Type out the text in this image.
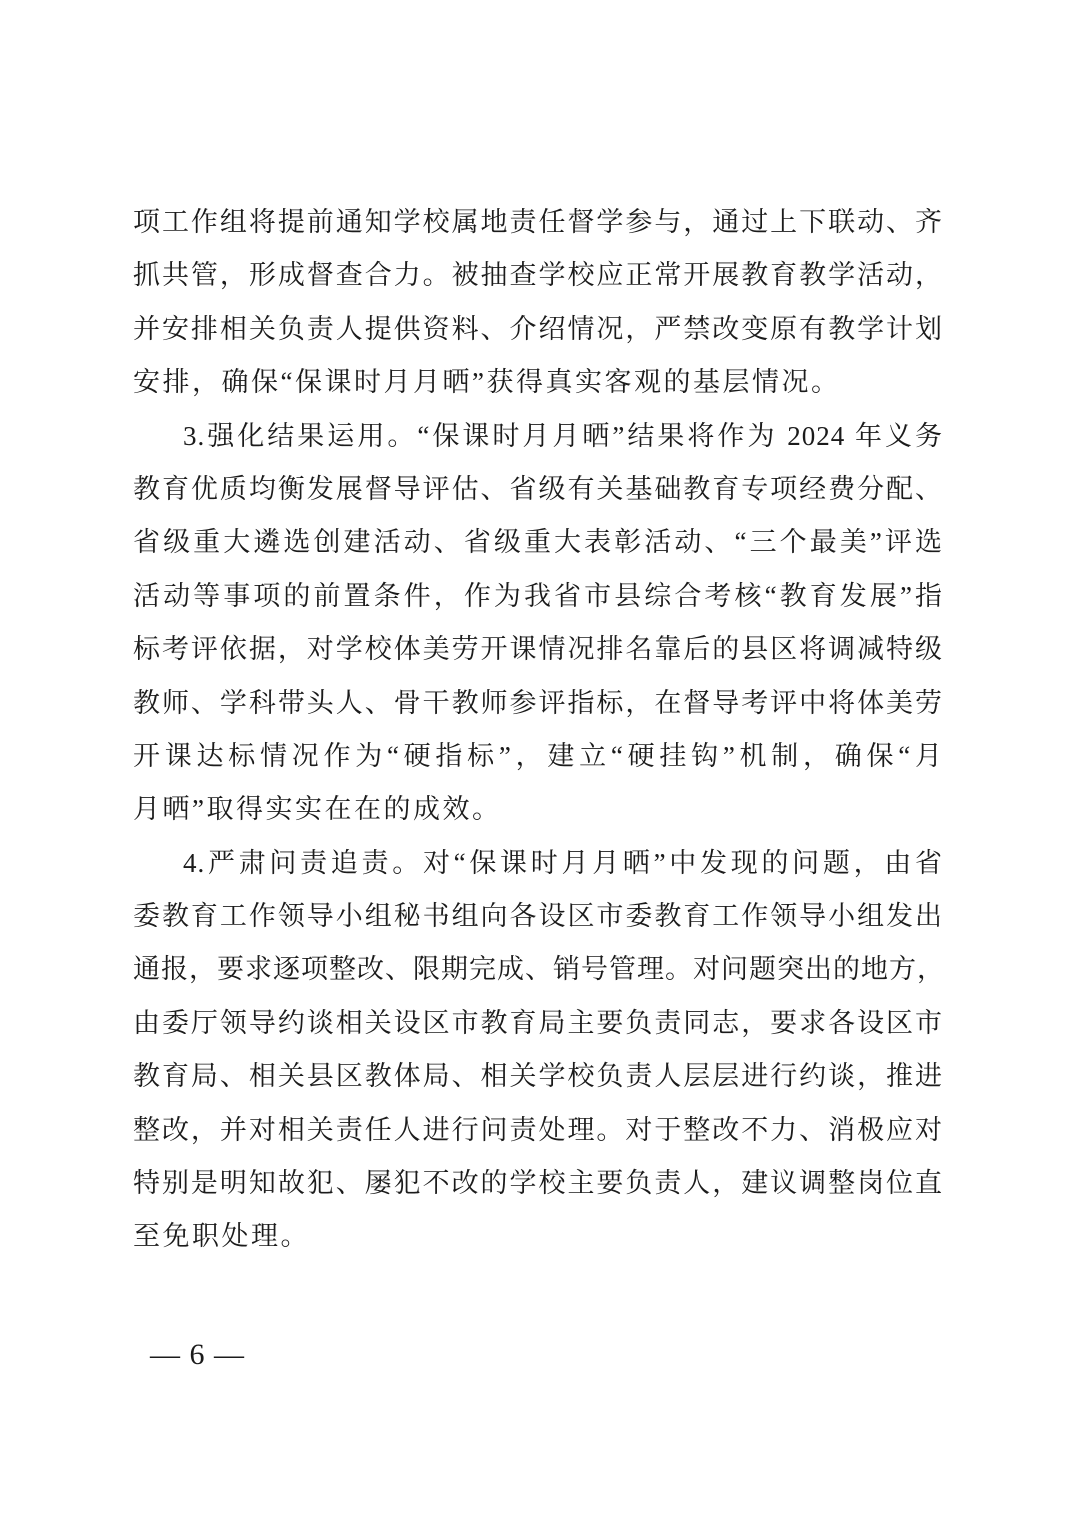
项工作组将提前通知学校属地责任督学参与，通过上下联动、齐
抓共管，形成督查合力。被抽查学校应正常开展教育教学活动，
并安排相关负责人提供资料、介绍情况，严禁改变原有教学计划
安排，确保“保课时月月晒”获得真实客观的基层情况。
3.强化结果运用。“保课时月月晒”结果将作为 2024 年义务
教育优质均衡发展督导评估、省级有关基础教育专项经费分配、
省级重大遴选创建活动、省级重大表彰活动、“三个最美”评选
活动等事项的前置条件，作为我省市县综合考核“教育发展”指
标考评依据，对学校体美劳开课情况排名靠后的县区将调减特级
教师、学科带头人、骨干教师参评指标，在督导考评中将体美劳
开课达标情况作为“硬指标”，建立“硬挂钩”机制，确保“月
月晒”取得实实在在的成效。
4.严肃问责追责。对“保课时月月晒”中发现的问题，由省
委教育工作领导小组秘书组向各设区市委教育工作领导小组发出
通报，要求逐项整改、限期完成、销号管理。对问题突出的地方，
由委厅领导约谈相关设区市教育局主要负责同志，要求各设区市
教育局、相关县区教体局、相关学校负责人层层进行约谈，推进
整改，并对相关责任人进行问责处理。对于整改不力、消极应对
特别是明知故犯、屡犯不改的学校主要负责人，建议调整岗位直
至免职处理。
— 6 —
